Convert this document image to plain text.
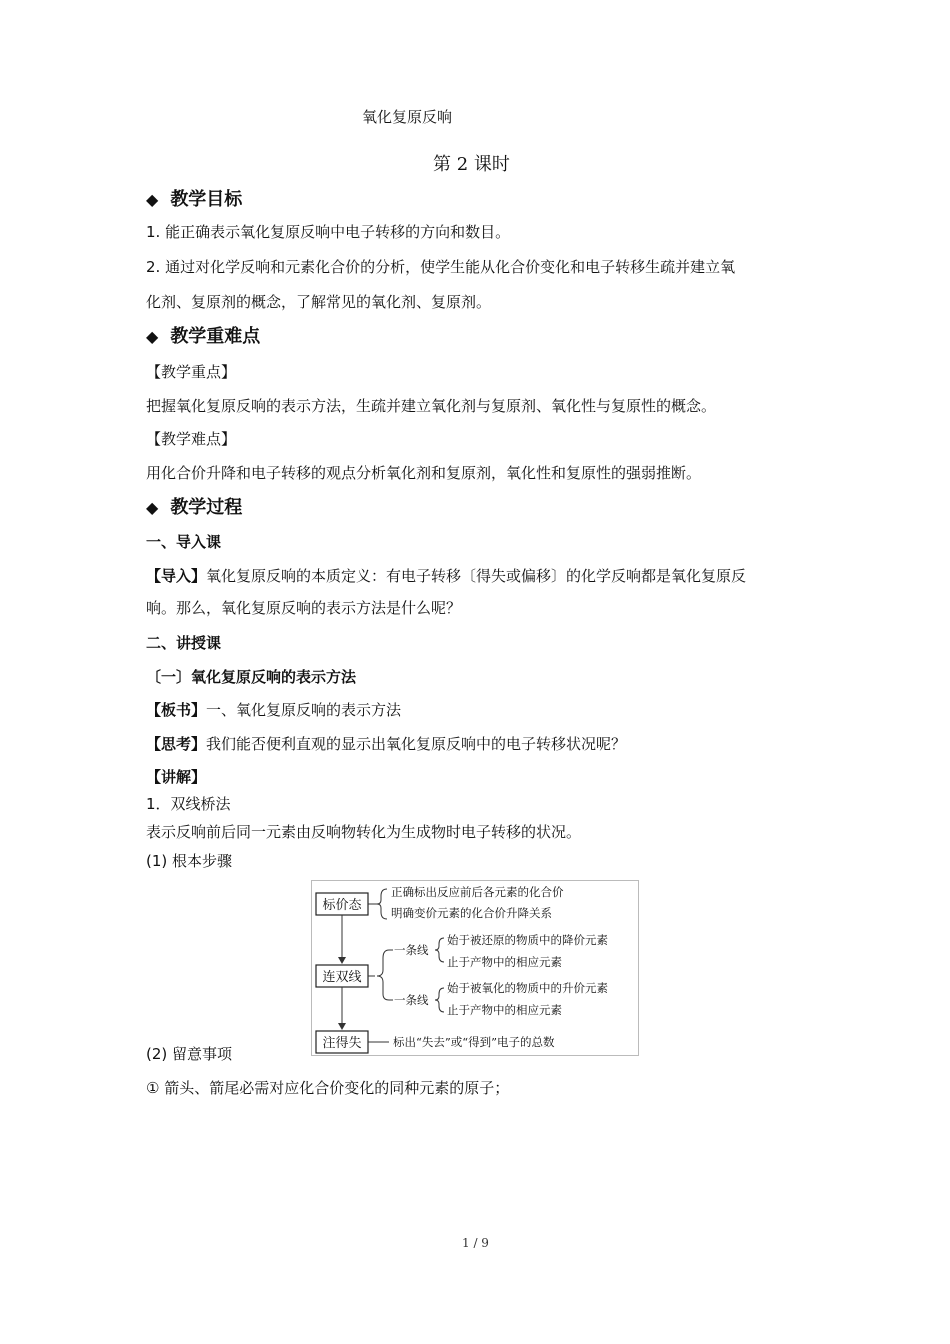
氧化复原反响
第 2 课时
◆ 教学目标
1. 能正确表示氧化复原反响中电子转移的方向和数目。
2. 通过对化学反响和元素化合价的分析，使学生能从化合价变化和电子转移生疏并建立氧
化剂、复原剂的概念，了解常见的氧化剂、复原剂。
◆ 教学重难点
【教学重点】
把握氧化复原反响的表示方法，生疏并建立氧化剂与复原剂、氧化性与复原性的概念。
【教学难点】
用化合价升降和电子转移的观点分析氧化剂和复原剂，氧化性和复原性的强弱推断。
◆ 教学过程
一、导入课
【导入】氧化复原反响的本质定义：有电子转移〔得失或偏移〕的化学反响都是氧化复原反
响。那么，氧化复原反响的表示方法是什么呢？
二、讲授课
〔一〕氧化复原反响的表示方法
【板书】一、氧化复原反响的表示方法
【思考】我们能否便利直观的显示出氧化复原反响中的电子转移状况呢？
【讲解】
1．双线桥法
表示反响前后同一元素由反响物转化为生成物时电子转移的状况。
(1) 根本步骤
标价态
正确标出反应前后各元素的化合价
明确变价元素的化合价升降关系
连双线
一条线
始于被还原的物质中的降价元素
止于产物中的相应元素
一条线
始于被氧化的物质中的升价元素
止于产物中的相应元素
注得失	标出“失去”或“得到”电子的总数
(2) 留意事项
① 箭头、箭尾必需对应化合价变化的同种元素的原子；
1 / 9
